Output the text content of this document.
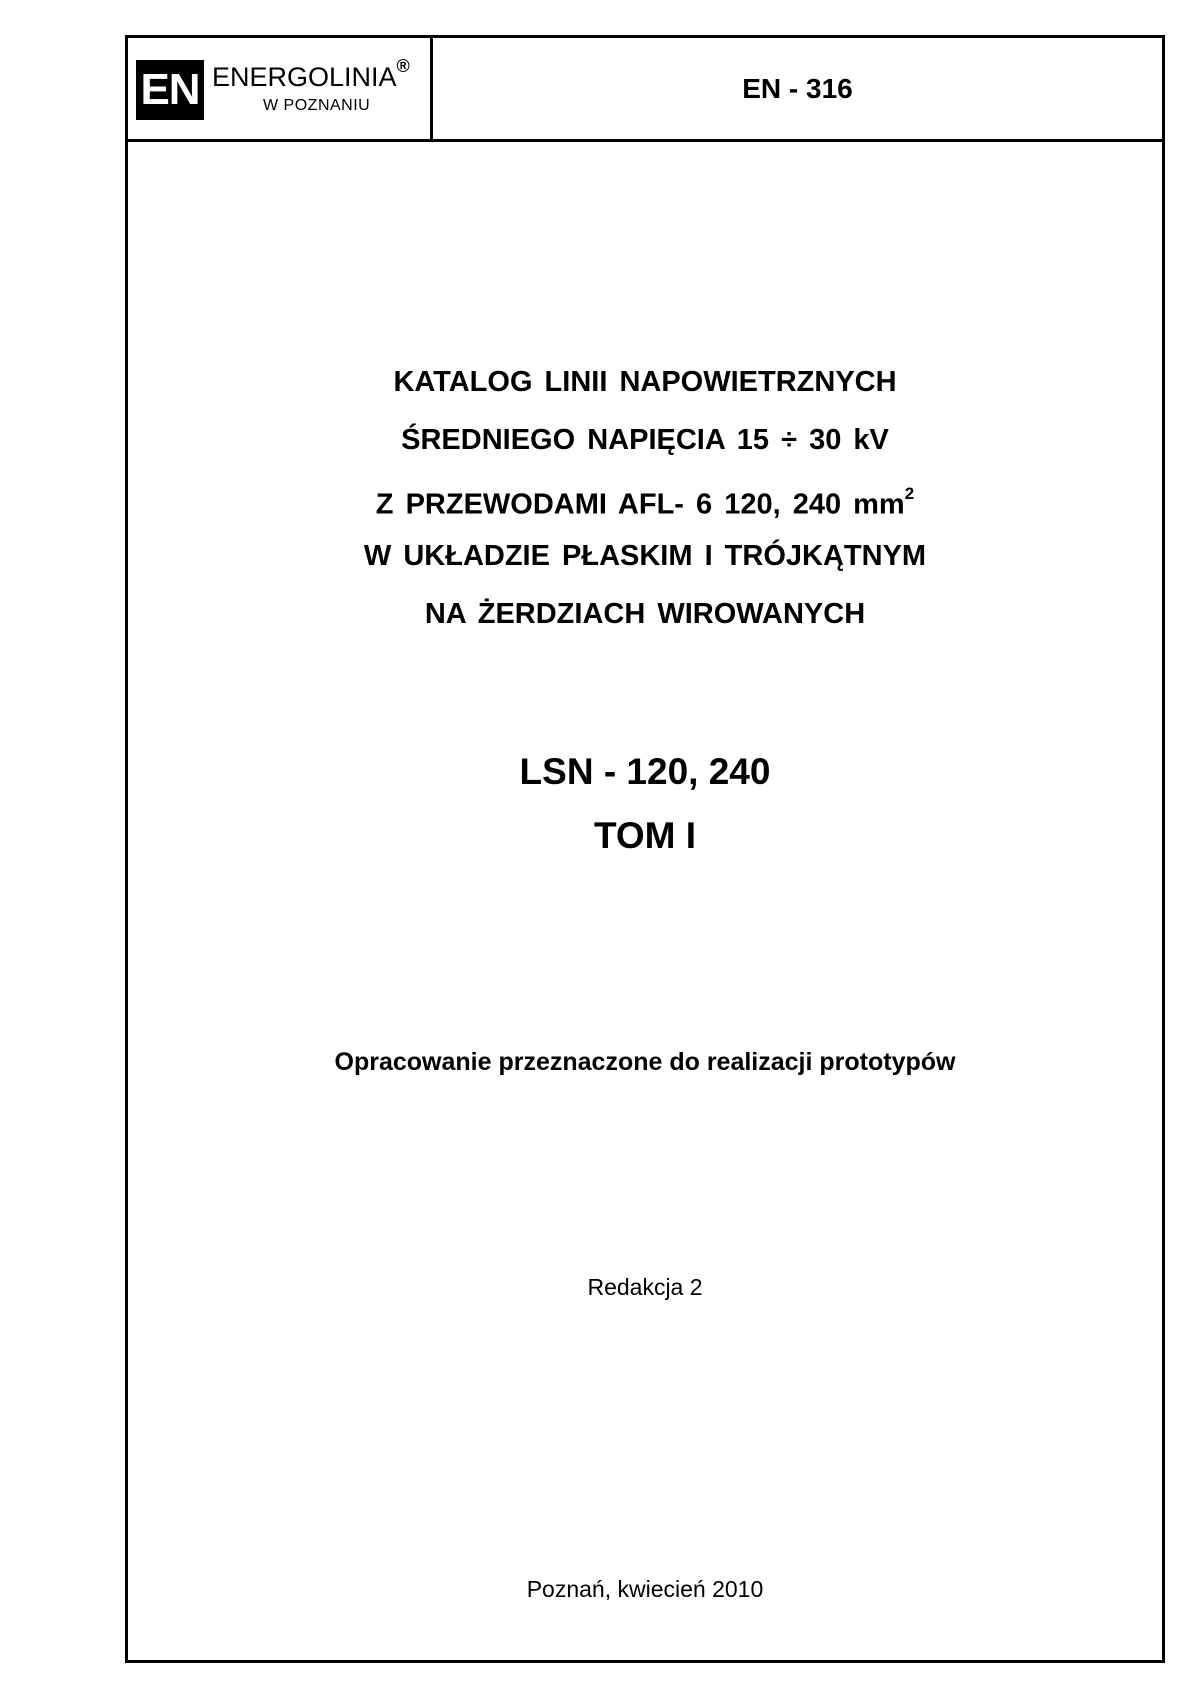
EN ENERGOLINIA®
W POZNANIU
EN - 316
KATALOG LINII NAPOWIETRZNYCH
ŚREDNIEGO NAPIĘCIA 15 ÷ 30 kV
Z PRZEWODAMI AFL- 6 120, 240 $mm^2$
W UKŁADZIE PŁASKIM I TRÓJKĄTNYM
NA ŻERDZIACH WIROWANYCH
LSN - 120, 240
TOM I
Opracowanie przeznaczone do realizacji prototypów
Redakcja 2
Poznań, kwiecień 2010
